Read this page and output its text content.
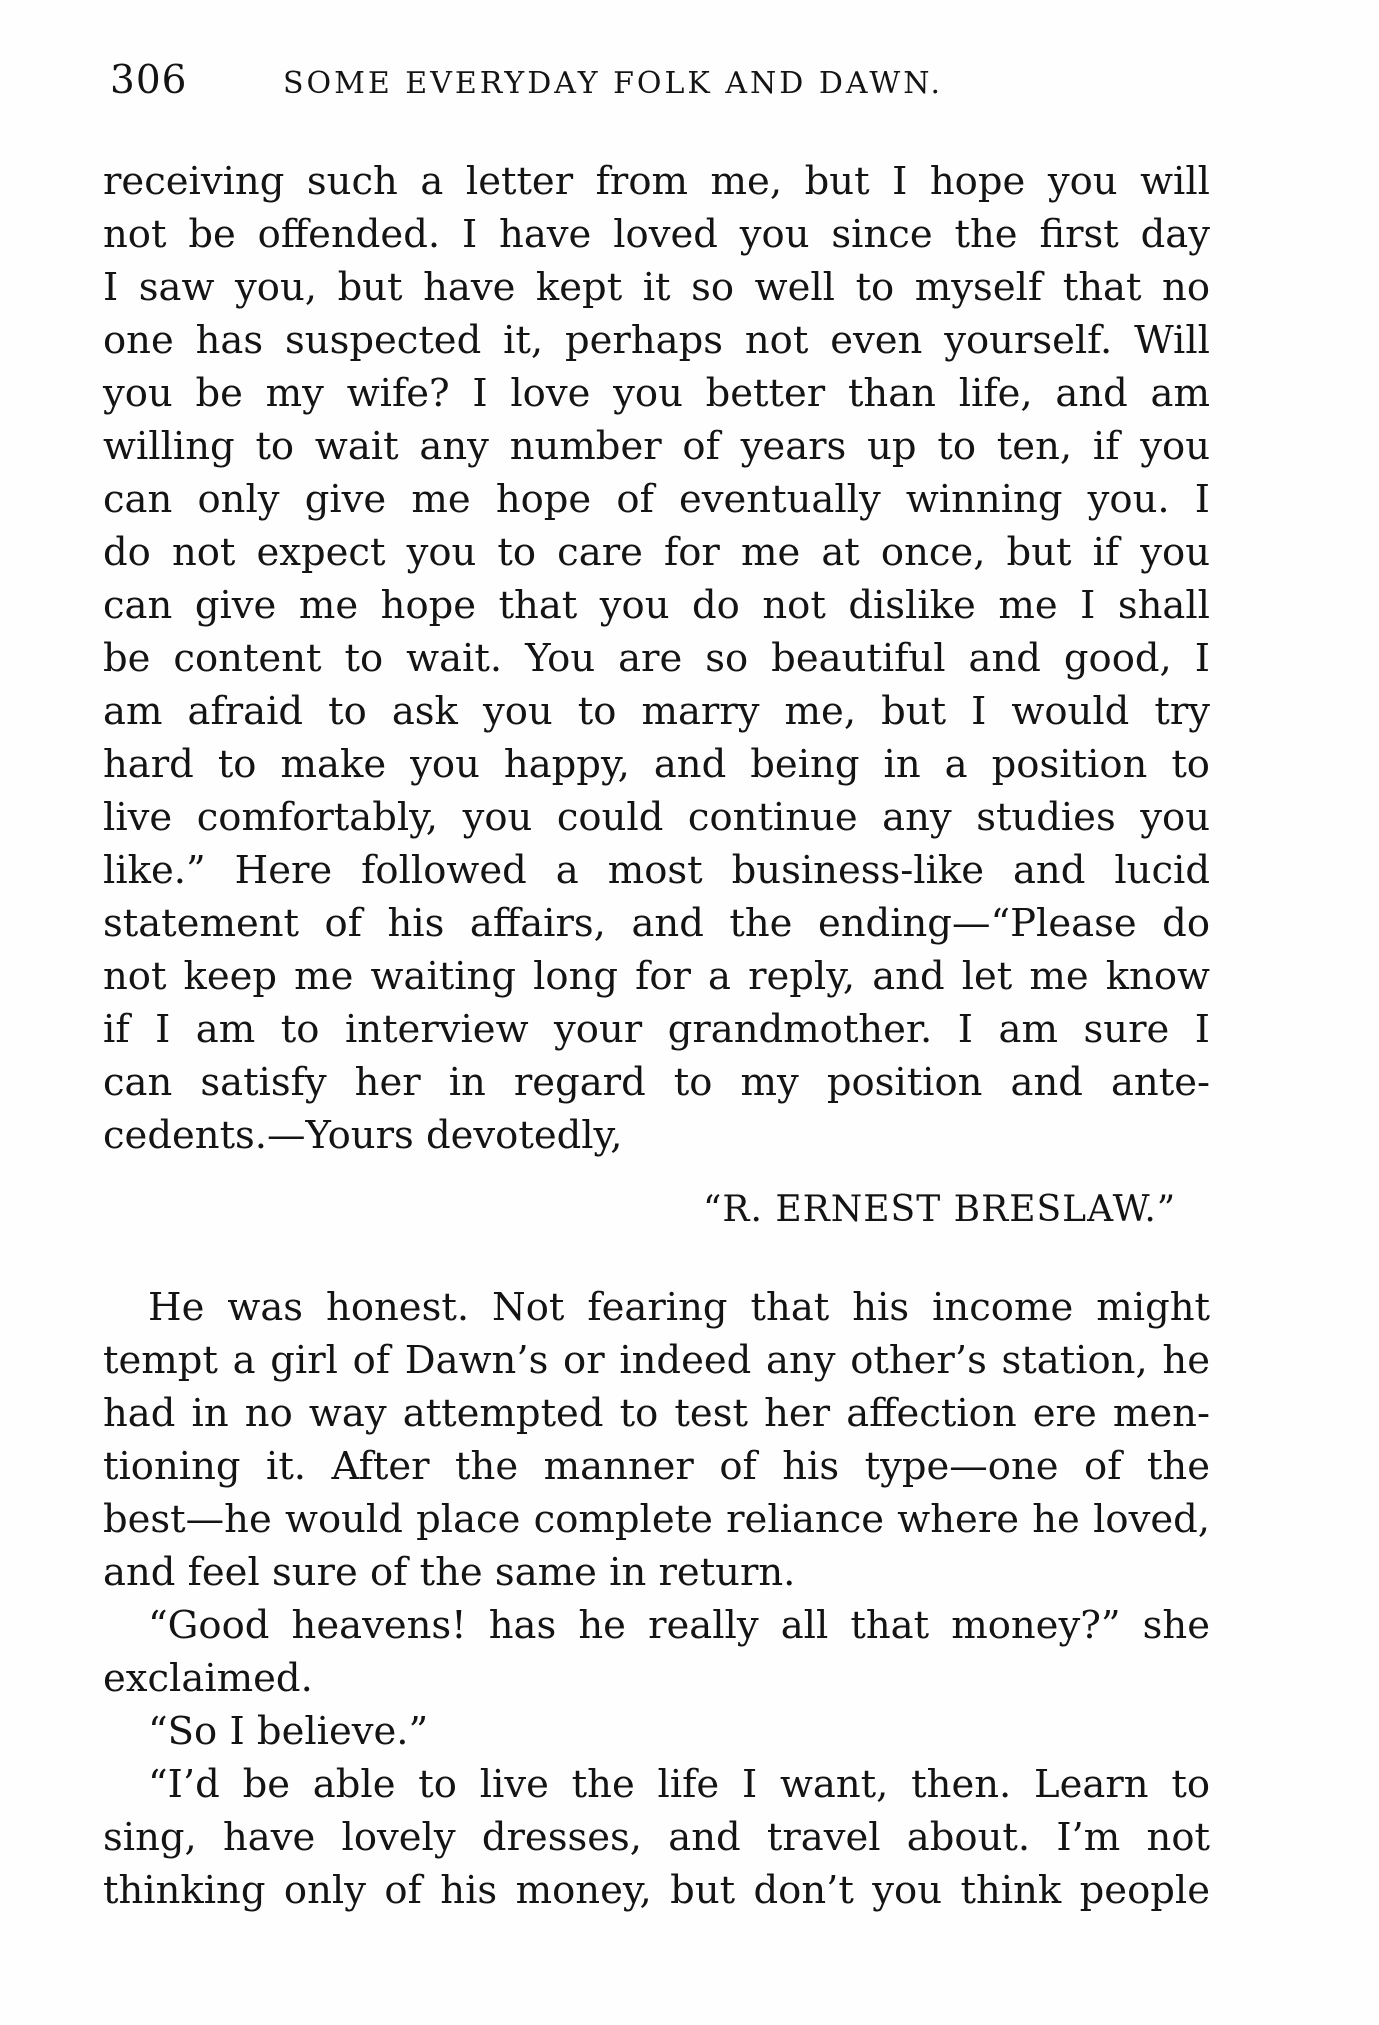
306	SOME EVERYDAY FOLK AND DAWN.
receiving such a letter from me, but I hope you will
not be offended. I have loved you since the first day
I saw you, but have kept it so well to myself that no
one has suspected it, perhaps not even yourself. Will
you be my wife? I love you better than life, and am
willing to wait any number of years up to ten, if you
can only give me hope of eventually winning you. I
do not expect you to care for me at once, but if you
can give me hope that you do not dislike me I shall
be content to wait. You are so beautiful and good, I
am afraid to ask you to marry me, but I would try
hard to make you happy, and being in a position to
live comfortably, you could continue any studies you
like.” Here followed a most business-like and lucid
statement of his affairs, and the ending—“Please do
not keep me waiting long for a reply, and let me know
if I am to interview your grandmother. I am sure I
can satisfy her in regard to my position and ante-
cedents.—Yours devotedly,
“R. ERNEST BRESLAW.”
He was honest. Not fearing that his income might
tempt a girl of Dawn’s or indeed any other’s station, he
had in no way attempted to test her affection ere men-
tioning it. After the manner of his type—one of the
best—he would place complete reliance where he loved,
and feel sure of the same in return.
“Good heavens! has he really all that money?” she
exclaimed.
“So I believe.”
“I’d be able to live the life I want, then. Learn to
sing, have lovely dresses, and travel about. I’m not
thinking only of his money, but don’t you think people
